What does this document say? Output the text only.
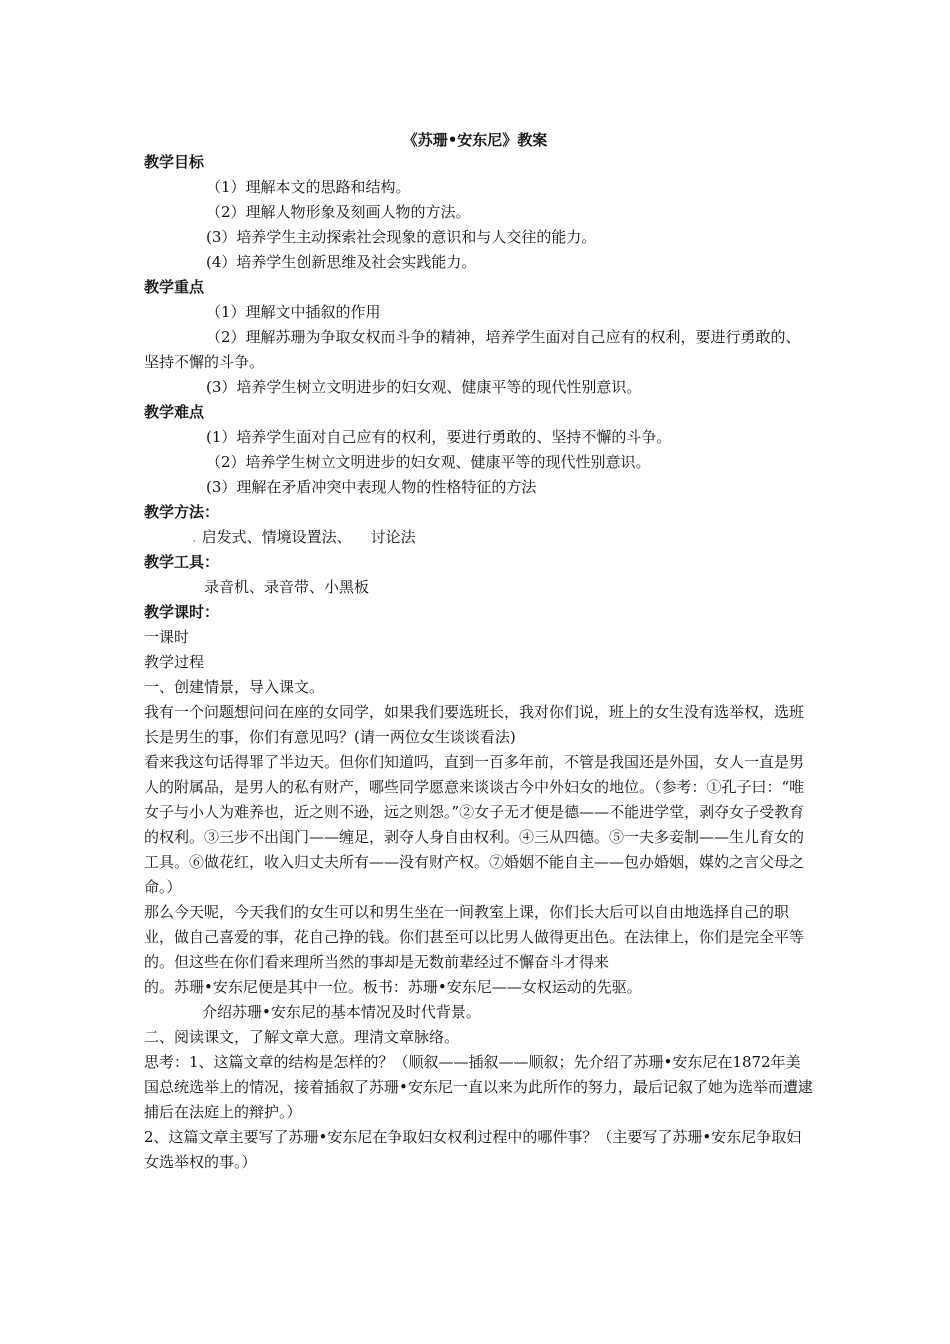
《苏珊•安东尼》教案
教学目标
（1）理解本文的思路和结构。
（2）理解人物形象及刻画人物的方法。
(3）培养学生主动探索社会现象的意识和与人交往的能力。
(4）培养学生创新思维及社会实践能力。
教学重点
（1）理解文中插叙的作用
（2）理解苏珊为争取女权而斗争的精神，培养学生面对自己应有的权利，要进行勇敢的、坚持不懈的斗争。
(3）培养学生树立文明进步的妇女观、健康平等的现代性别意识。
教学难点
(1）培养学生面对自己应有的权利，要进行勇敢的、坚持不懈的斗争。
（2）培养学生树立文明进步的妇女观、健康平等的现代性别意识。
(3）理解在矛盾冲突中表现人物的性格特征的方法
教学方法：
. 启发式、情境设置法、    讨论法
教学工具：
录音机、录音带、小黑板
教学课时：
一课时
教学过程
一、创建情景，导入课文。

我有一个问题想问问在座的女同学，如果我们要选班长，我对你们说，班上的女生没有选举权，选班长是男生的事，你们有意见吗？(请一两位女生谈谈看法)

看来我这句话得罪了半边天。但你们知道吗，直到一百多年前，不管是我国还是外国，女人一直是男人的附属品，是男人的私有财产，哪些同学愿意来谈谈古今中外妇女的地位。（参考：①孔子曰：“唯女子与小人为难养也，近之则不逊，远之则怨。”②女子无才便是德——不能进学堂，剥夺女子受教育的权利。③三步不出闺门——缠足，剥夺人身自由权利。④三从四德。⑤一夫多妾制——生儿育女的工具。⑥做花红，收入归丈夫所有——没有财产权。⑦婚姻不能自主——包办婚姻，媒妁之言父母之命。）

那么今天呢，今天我们的女生可以和男生坐在一间教室上课，你们长大后可以自由地选择自己的职业，做自己喜爱的事，花自己挣的钱。你们甚至可以比男人做得更出色。在法律上，你们是完全平等的。但这些在你们看来理所当然的事却是无数前辈经过不懈奋斗才得来

的。苏珊•安东尼便是其中一位。板书：苏珊•安东尼——女权运动的先驱。

介绍苏珊•安东尼的基本情况及时代背景。
二、阅读课文，了解文章大意。理清文章脉络。

思考：1、这篇文章的结构是怎样的？（顺叙——插叙——顺叙；先介绍了苏珊•安东尼在1872年美国总统选举上的情况，接着插叙了苏珊•安东尼一直以来为此所作的努力，最后记叙了她为选举而遭逮捕后在法庭上的辩护。）

2、这篇文章主要写了苏珊•安东尼在争取妇女权利过程中的哪件事？（主要写了苏珊•安东尼争取妇女选举权的事。）
